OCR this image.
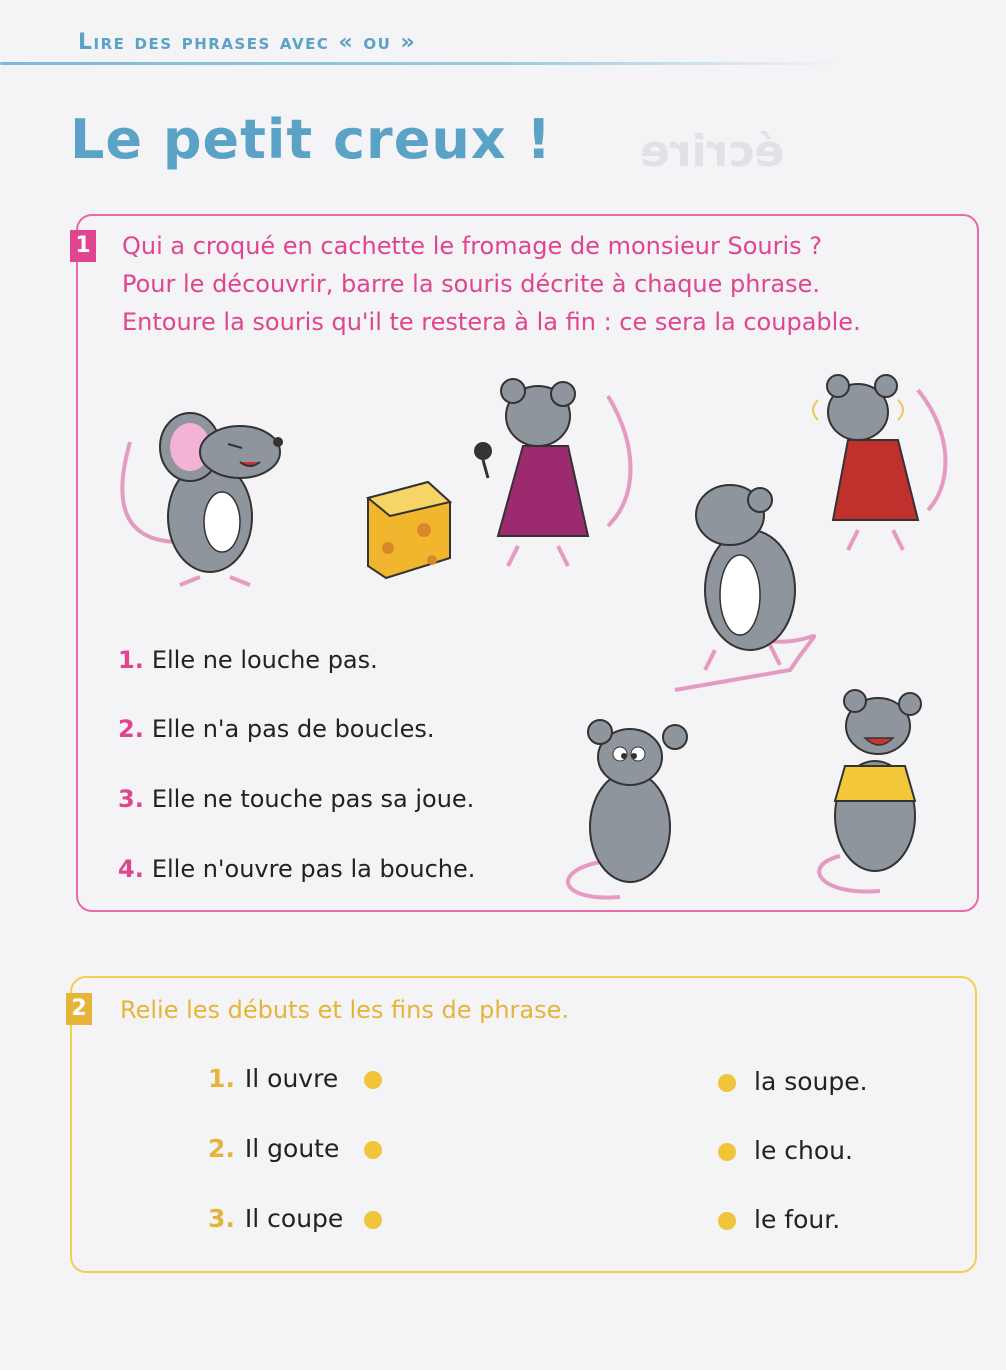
Lire des phrases avec « ou »
Le petit creux ! écrire
1 Qui a croqué en cachette le fromage de monsieur Souris ?
Pour le découvrir, barre la souris décrite à chaque phrase.
Entoure la souris qu'il te restera à la fin : ce sera la coupable.
1. Elle ne louche pas.
2. Elle n'a pas de boucles.
3. Elle ne touche pas sa joue.
4. Elle n'ouvre pas la bouche.
2 Relie les débuts et les fins de phrase.
1. Il ouvre
2. Il goute
3. Il coupe
la soupe.
le chou.
le four.
